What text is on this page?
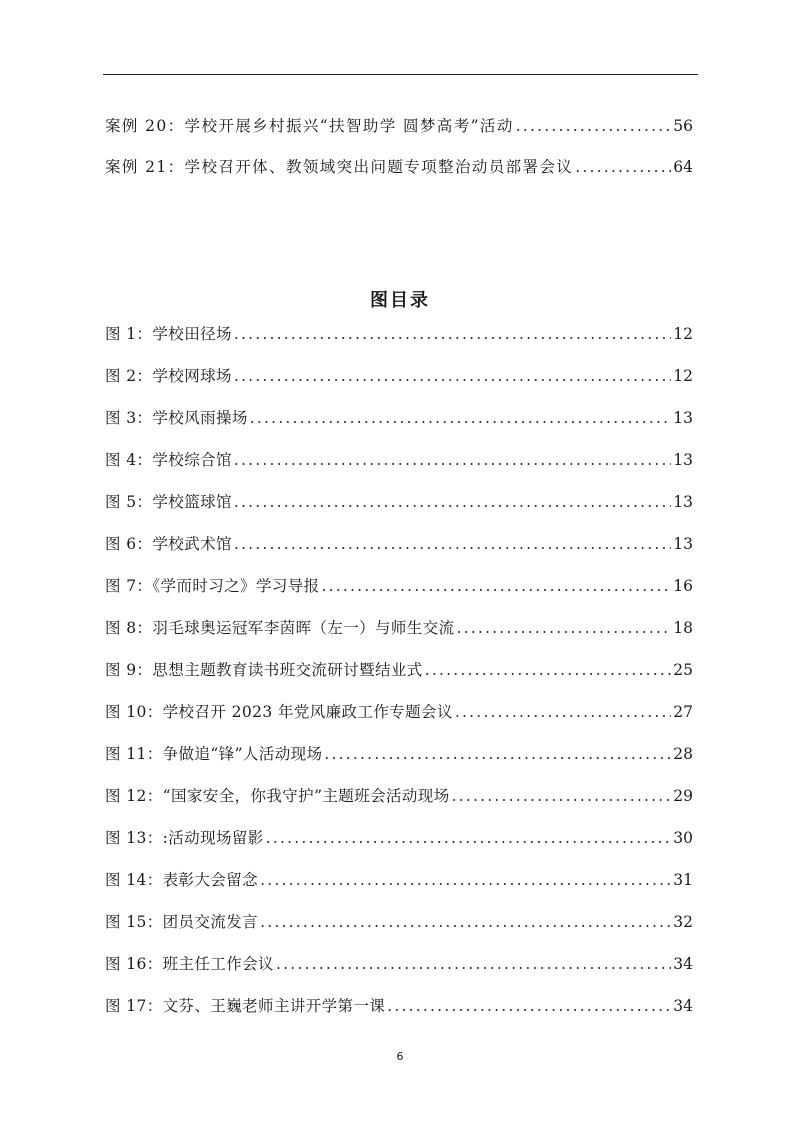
案例 20：学校开展乡村振兴“扶智助学 圆梦高考”活动 .....	56
案例 21：学校召开体、教领域突出问题专项整治动员部署会议 .....	64
图目录
图 1：学校田径场 .....	12
图 2：学校网球场 .....	12
图 3：学校风雨操场 .....	13
图 4：学校综合馆 .....	13
图 5：学校篮球馆 .....	13
图 6：学校武术馆 .....	13
图 7：《学而时习之》学习导报 .....	16
图 8：羽毛球奥运冠军李茵晖（左一）与师生交流 .....	18
图 9：思想主题教育读书班交流研讨暨结业式 .....	25
图 10：学校召开 2023 年党风廉政工作专题会议 .....	27
图 11：争做追“锋”人活动现场 .....	28
图 12：“国家安全，你我守护”主题班会活动现场 .....	29
图 13：:活动现场留影 .....	30
图 14：表彰大会留念 .....	31
图 15：团员交流发言 .....	32
图 16：班主任工作会议 .....	34
图 17：文芬、王巍老师主讲开学第一课 .....	34
6
